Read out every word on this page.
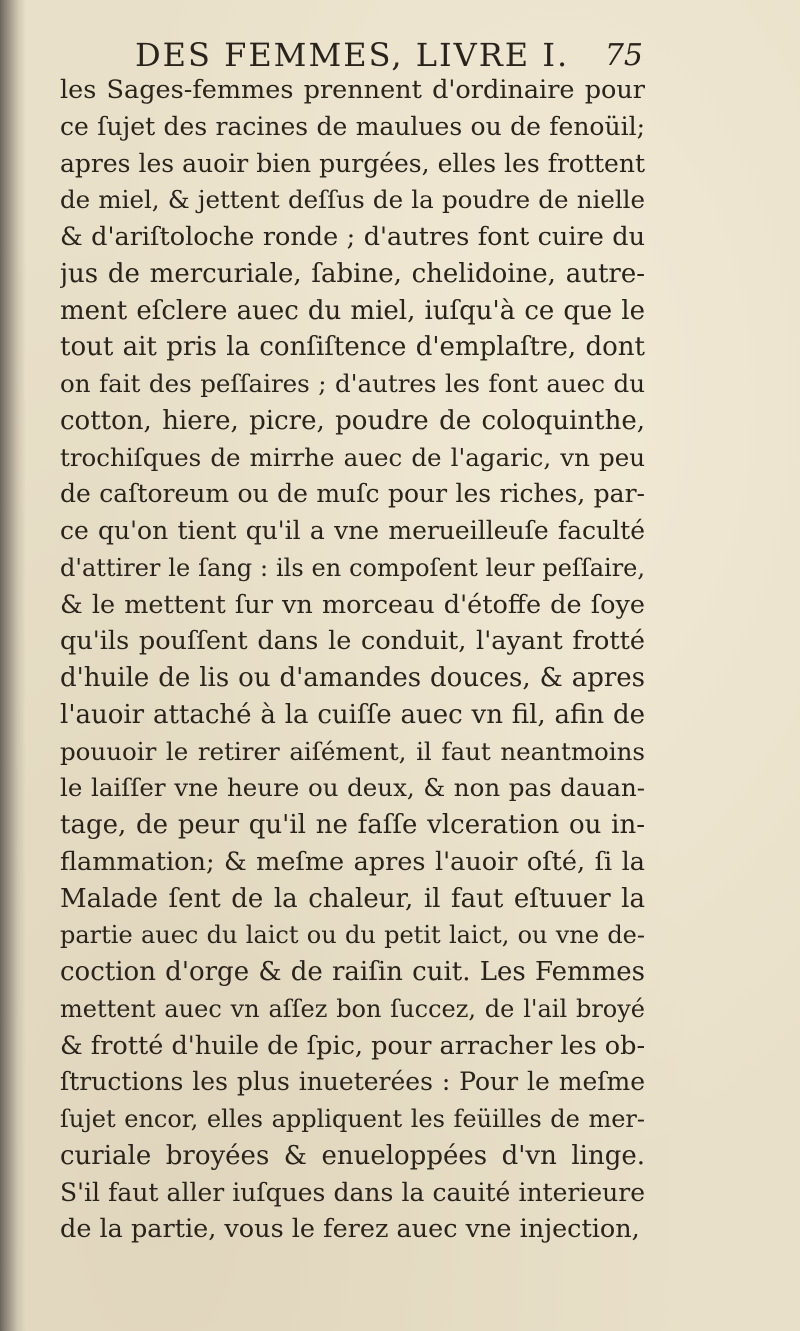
DES FEMMES, LIVRE I. 75
les Sages-femmes prennent d'ordinaire pour
ce ſujet des racines de maulues ou de fenoüil;
apres les auoir bien purgées, elles les frottent
de miel, & jettent deſſus de la poudre de nielle
& d'ariſtoloche ronde ; d'autres font cuire du
jus de mercuriale, ſabine, chelidoine, autre-
ment eſclere auec du miel, iuſqu'à ce que le
tout ait pris la conſiſtence d'emplaſtre, dont
on fait des peſſaires ; d'autres les font auec du
cotton, hiere, picre, poudre de coloquinthe,
trochiſques de mirrhe auec de l'agaric, vn peu
de caſtoreum ou de muſc pour les riches, par-
ce qu'on tient qu'il a vne merueilleuſe faculté
d'attirer le ſang : ils en compoſent leur peſſaire,
& le mettent ſur vn morceau d'étoffe de ſoye
qu'ils pouſſent dans le conduit, l'ayant frotté
d'huile de lis ou d'amandes douces, & apres
l'auoir attaché à la cuiſſe auec vn fil, afin de
pouuoir le retirer aiſément, il faut neantmoins
le laiſſer vne heure ou deux, & non pas dauan-
tage, de peur qu'il ne faſſe vlceration ou in-
flammation; & meſme apres l'auoir oſté, ſi la
Malade ſent de la chaleur, il faut eſtuuer la
partie auec du laict ou du petit laict, ou vne de-
coction d'orge & de raiſin cuit. Les Femmes
mettent auec vn aſſez bon ſuccez, de l'ail broyé
& frotté d'huile de ſpic, pour arracher les ob-
ſtructions les plus inueterées : Pour le meſme
ſujet encor, elles appliquent les feüilles de mer-
curiale broyées & enueloppées d'vn linge.
S'il faut aller iuſques dans la cauité interieure
de la partie, vous le ferez auec vne injection,
